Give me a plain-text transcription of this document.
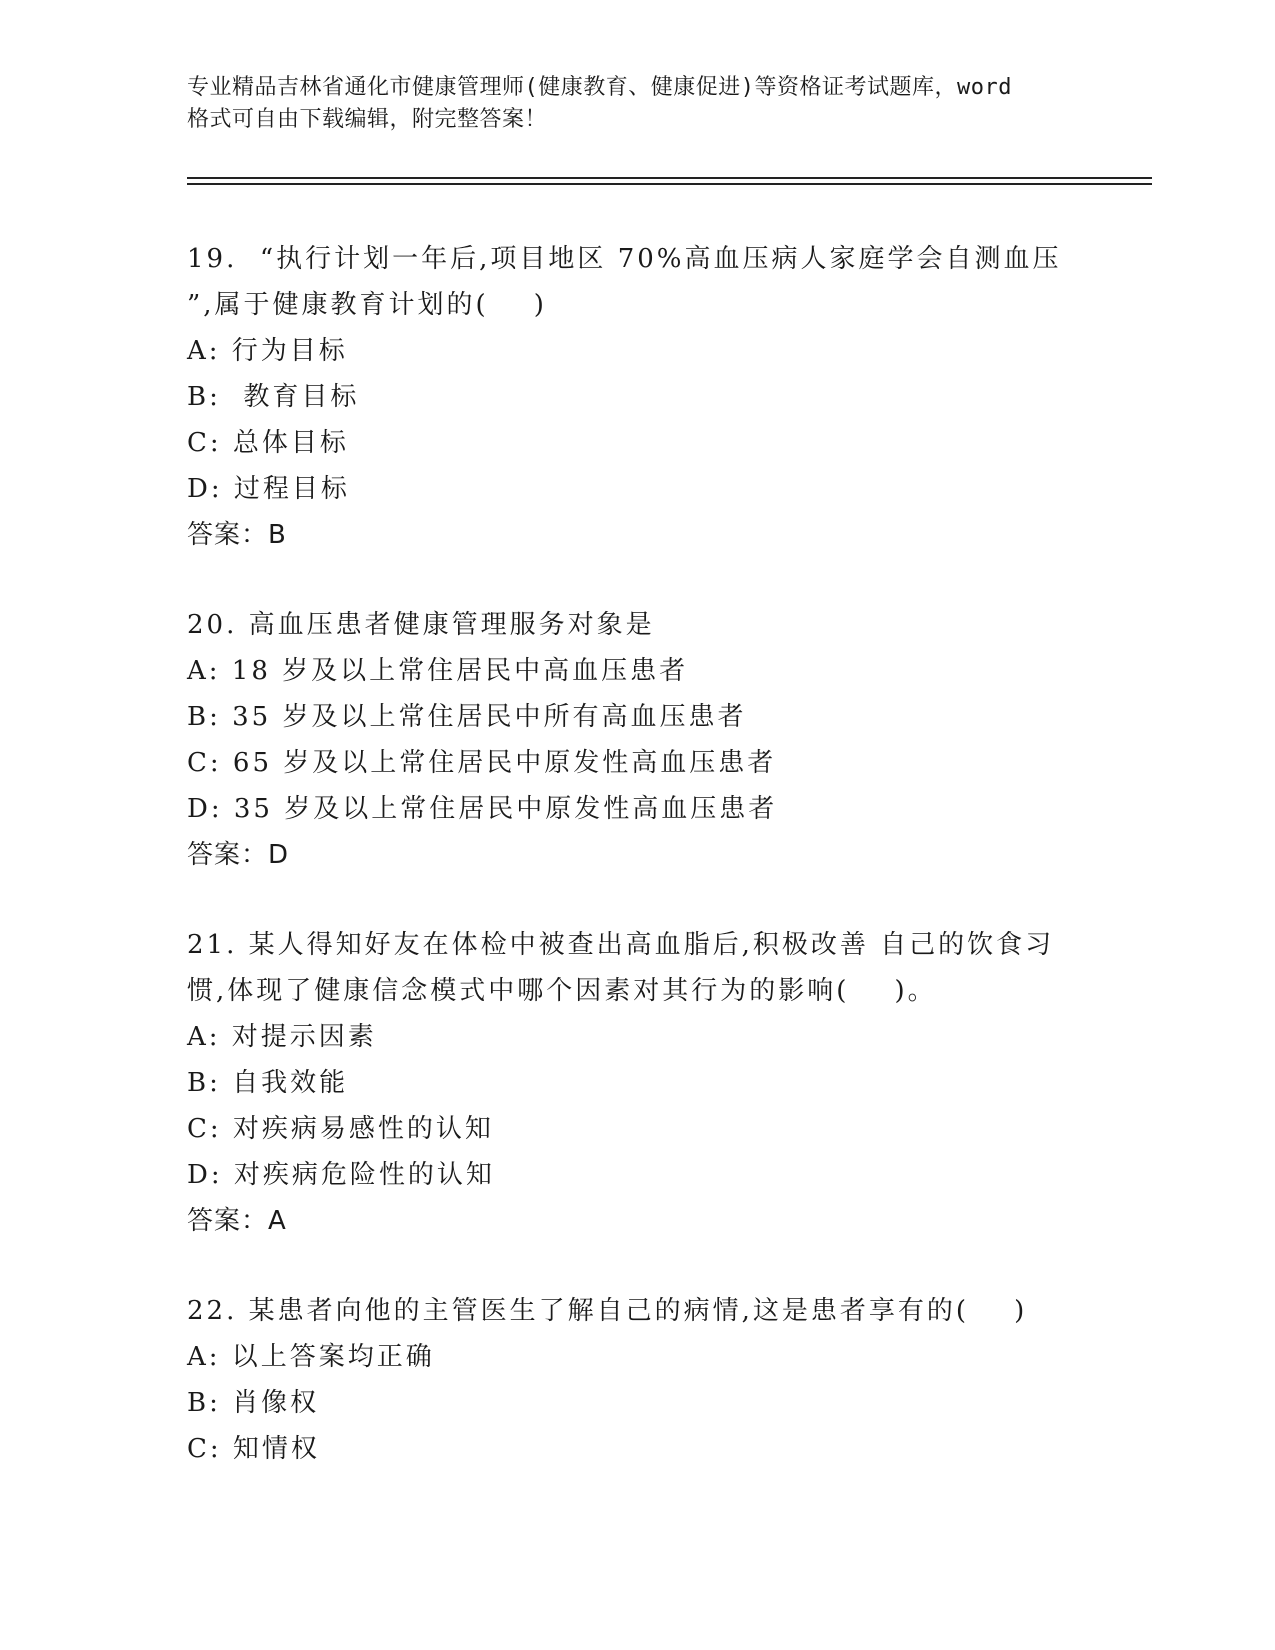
专业精品吉林省通化市健康管理师(健康教育、健康促进)等资格证考试题库，word
格式可自由下载编辑，附完整答案！
19.  “执行计划一年后,项目地区 70%高血压病人家庭学会自测血压
”,属于健康教育计划的(    )
A: 行为目标
B:  教育目标
C: 总体目标
D: 过程目标
答案：B
20. 高血压患者健康管理服务对象是
A: 18 岁及以上常住居民中高血压患者
B: 35 岁及以上常住居民中所有高血压患者
C: 65 岁及以上常住居民中原发性高血压患者
D: 35 岁及以上常住居民中原发性高血压患者
答案：D
21. 某人得知好友在体检中被查出高血脂后,积极改善 自己的饮食习
惯,体现了健康信念模式中哪个因素对其行为的影响(    )。
A: 对提示因素
B: 自我效能
C: 对疾病易感性的认知
D: 对疾病危险性的认知
答案：A
22. 某患者向他的主管医生了解自己的病情,这是患者享有的(    )
A: 以上答案均正确
B: 肖像权
C: 知情权
